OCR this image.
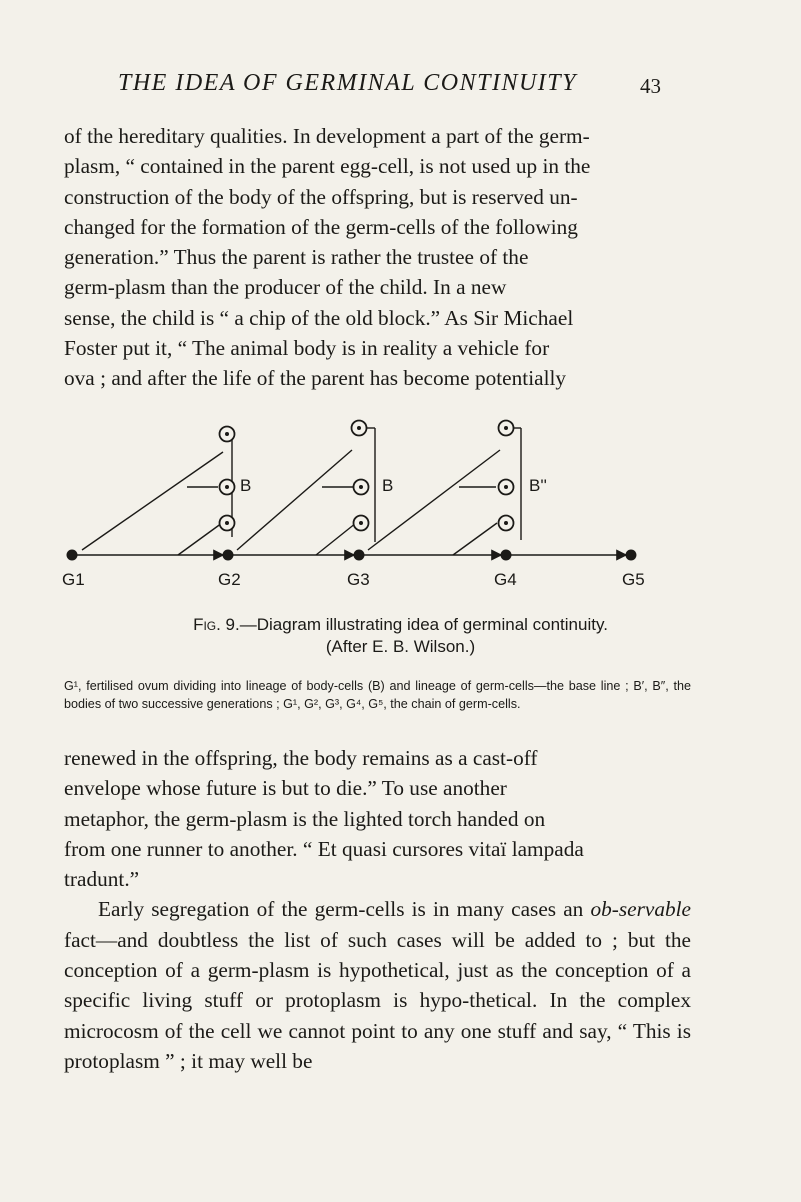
THE IDEA OF GERMINAL CONTINUITY	43

of the hereditary qualities. In development a part of the germ-

plasm, “ contained in the parent egg-cell, is not used up in the

construction of the body of the offspring, but is reserved un-

changed for the formation of the germ-cells of the following

generation.” Thus the parent is rather the trustee of the

germ-plasm than the producer of the child. In a new

sense, the child is “ a chip of the old block.” As Sir Michael

Foster put it, “ The animal body is in reality a vehicle for

ova ; and after the life of the parent has become potentially

G1	G2	G3	G4	G5
B	B	B''
Fig. 9.—Diagram illustrating idea of germinal continuity.
(After E. B. Wilson.)
G¹, fertilised ovum dividing into lineage of body-cells (B) and lineage of germ-cells—the base line ; B′, B″, the bodies of two successive generations ; G¹, G², G³, G⁴, G⁵, the chain of germ-cells.

renewed in the offspring, the body remains as a cast-off

envelope whose future is but to die.” To use another

metaphor, the germ-plasm is the lighted torch handed on

from one runner to another. “ Et quasi cursores vitaï lampada

tradunt.”

Early segregation of the germ-cells is in many cases an ob-servable fact—and doubtless the list of such cases will be added to ; but the conception of a germ-plasm is hypothetical, just as the conception of a specific living stuff or protoplasm is hypo-thetical. In the complex microcosm of the cell we cannot point to any one stuff and say, “ This is protoplasm ” ; it may well be
